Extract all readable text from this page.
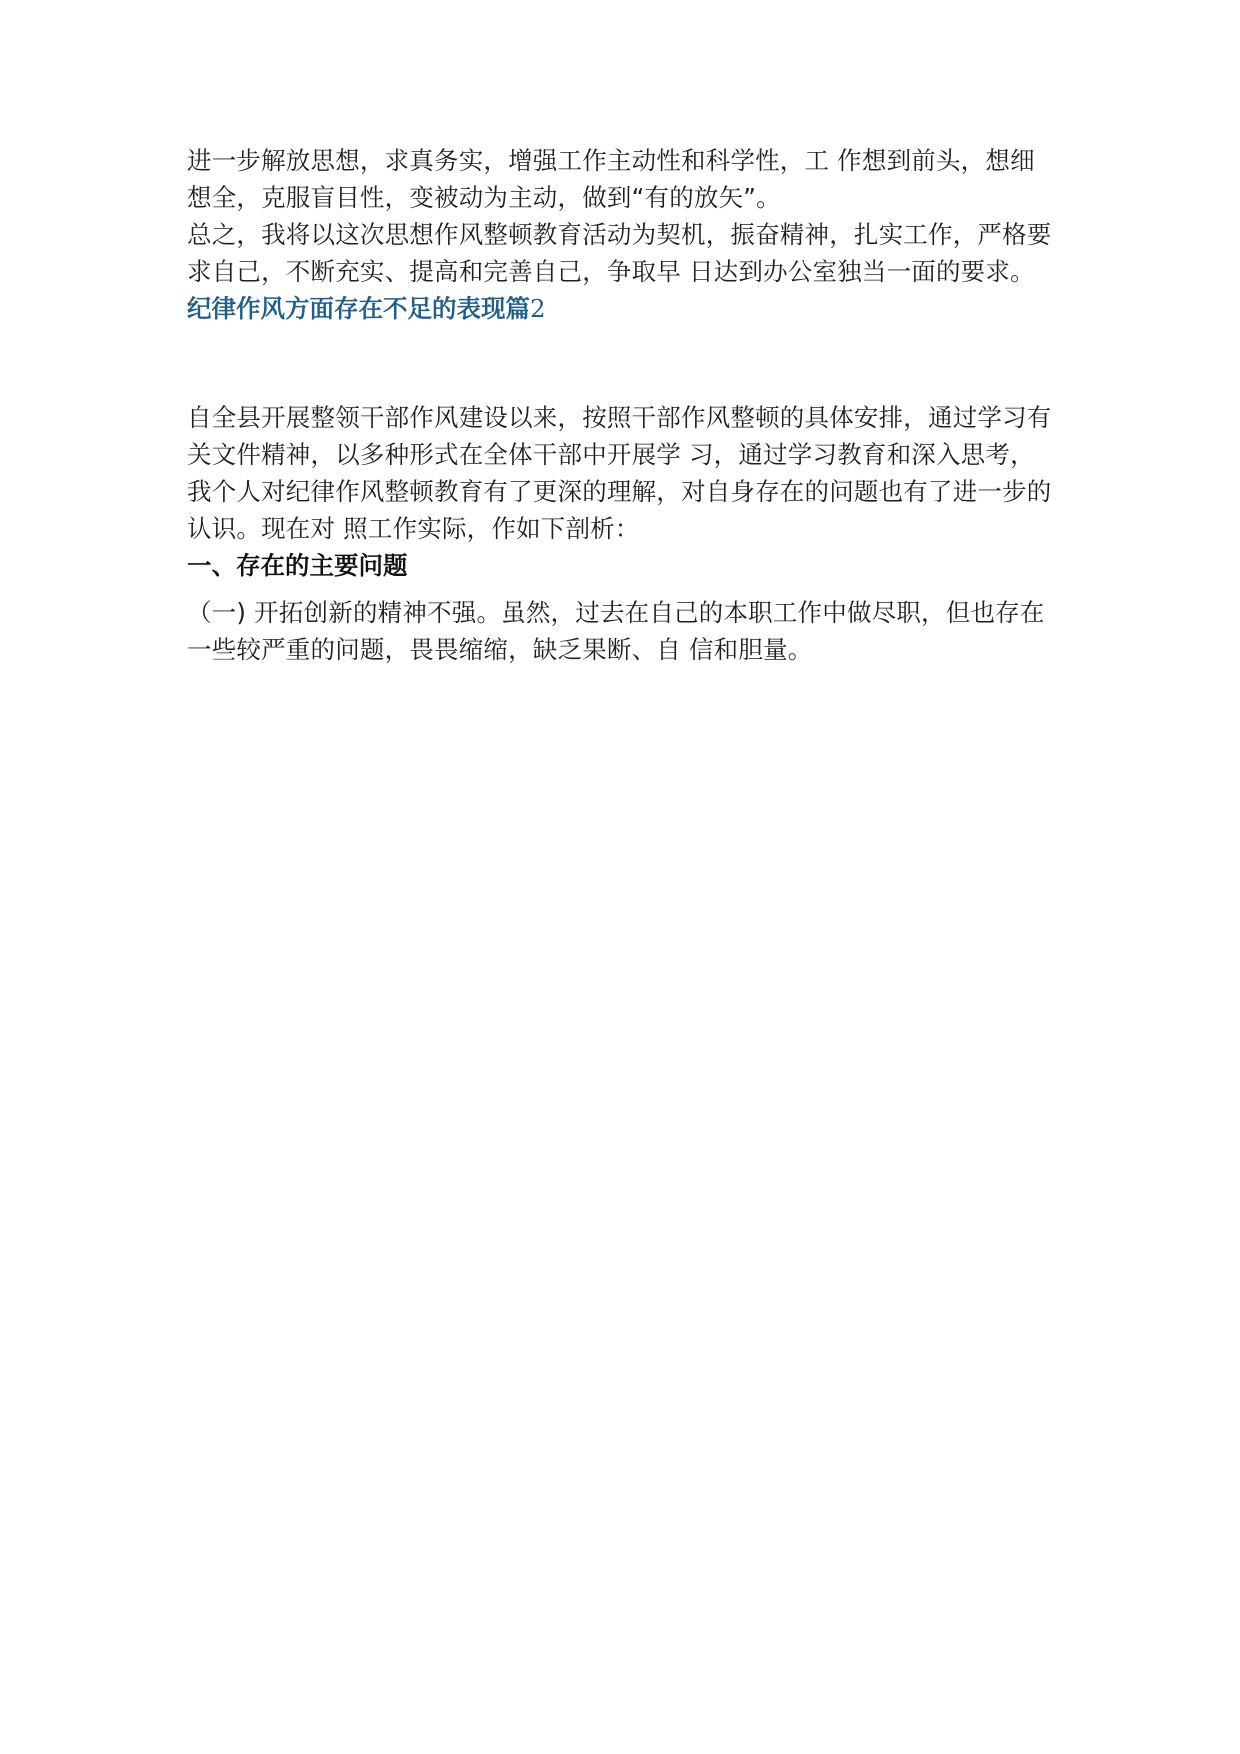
进一步解放思想，求真务实，增强工作主动性和科学性，工 作想到前头，想细想全，克服盲目性，变被动为主动，做到“有的放矢”。

总之，我将以这次思想作风整顿教育活动为契机，振奋精神，扎实工作，严格要求自己，不断充实、提高和完善自己，争取早 日达到办公室独当一面的要求。

纪律作风方面存在不足的表现篇2

自全县开展整领干部作风建设以来，按照干部作风整顿的具体安排，通过学习有关文件精神，以多种形式在全体干部中开展学 习，通过学习教育和深入思考，我个人对纪律作风整顿教育有了更深的理解，对自身存在的问题也有了进一步的认识。现在对 照工作实际，作如下剖析：

一、存在的主要问题

（一) 开拓创新的精神不强。虽然，过去在自己的本职工作中做尽职，但也存在一些较严重的问题，畏畏缩缩，缺乏果断、自 信和胆量。
